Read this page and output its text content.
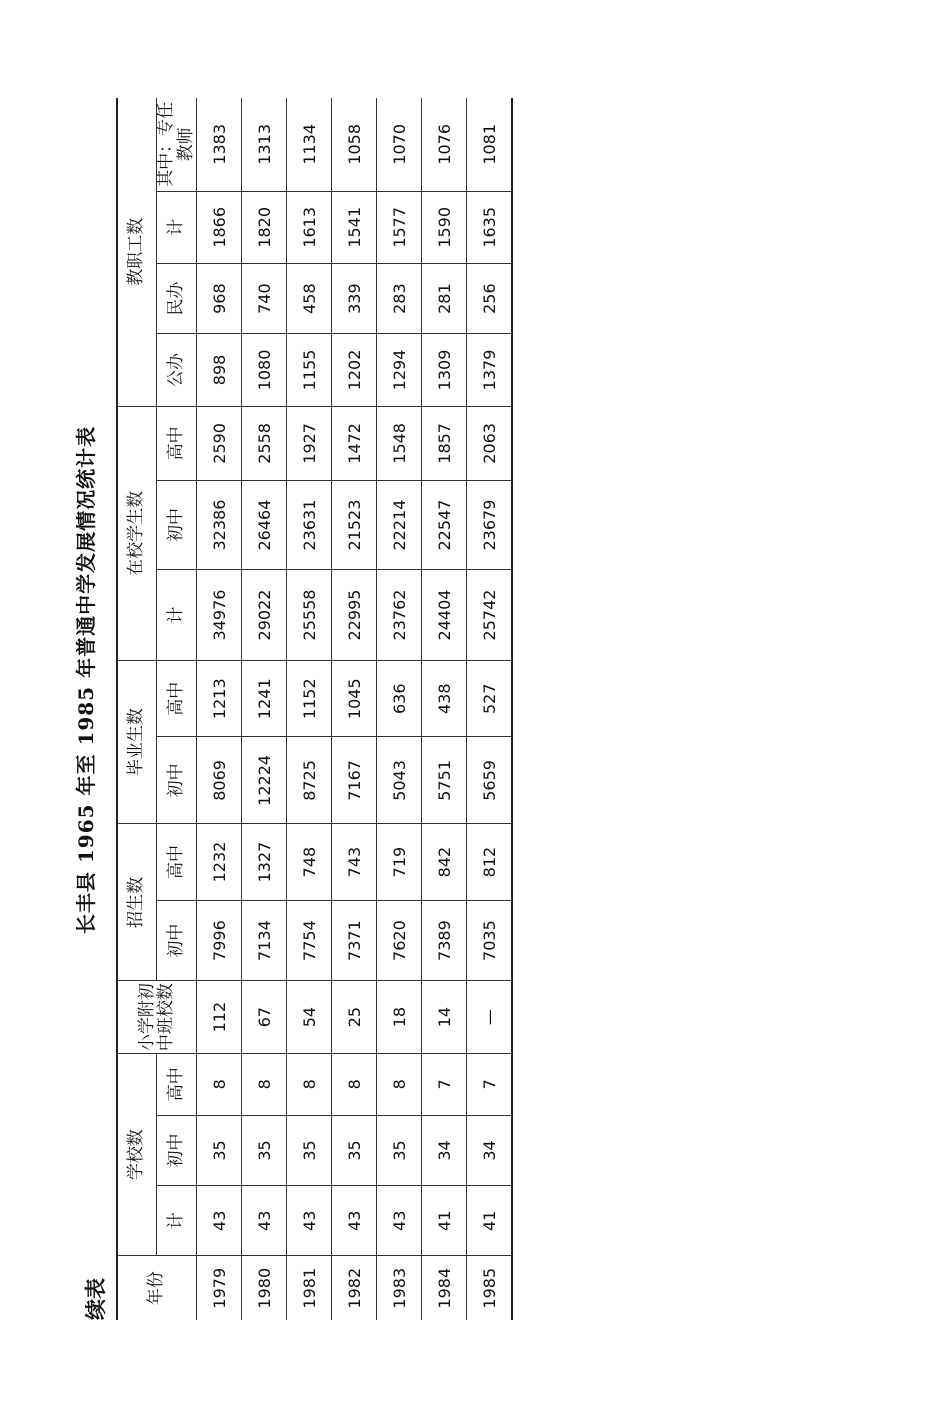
长丰县 1965 年至 1985 年普通中学发展情况统计表
续表 年份	学校数			小学附初中班校数	招生数		毕业生数		在校学生数			教职工数			
	计	初中	高中		初中	高中	初中	高中	计	初中	高中	公办	民办	计	其中：专任教师
1979	43	35	8	112	7996	1232	8069	1213	34976	32386	2590	898	968	1866	1383
1980	43	35	8	67	7134	1327	12224	1241	29022	26464	2558	1080	740	1820	1313
1981	43	35	8	54	7754	748	8725	1152	25558	23631	1927	1155	458	1613	1134
1982	43	35	8	25	7371	743	7167	1045	22995	21523	1472	1202	339	1541	1058
1983	43	35	8	18	7620	719	5043	636	23762	22214	1548	1294	283	1577	1070
1984	41	34	7	14	7389	842	5751	438	24404	22547	1857	1309	281	1590	1076
1985	41	34	7	—	7035	812	5659	527	25742	23679	2063	1379	256	1635	1081
